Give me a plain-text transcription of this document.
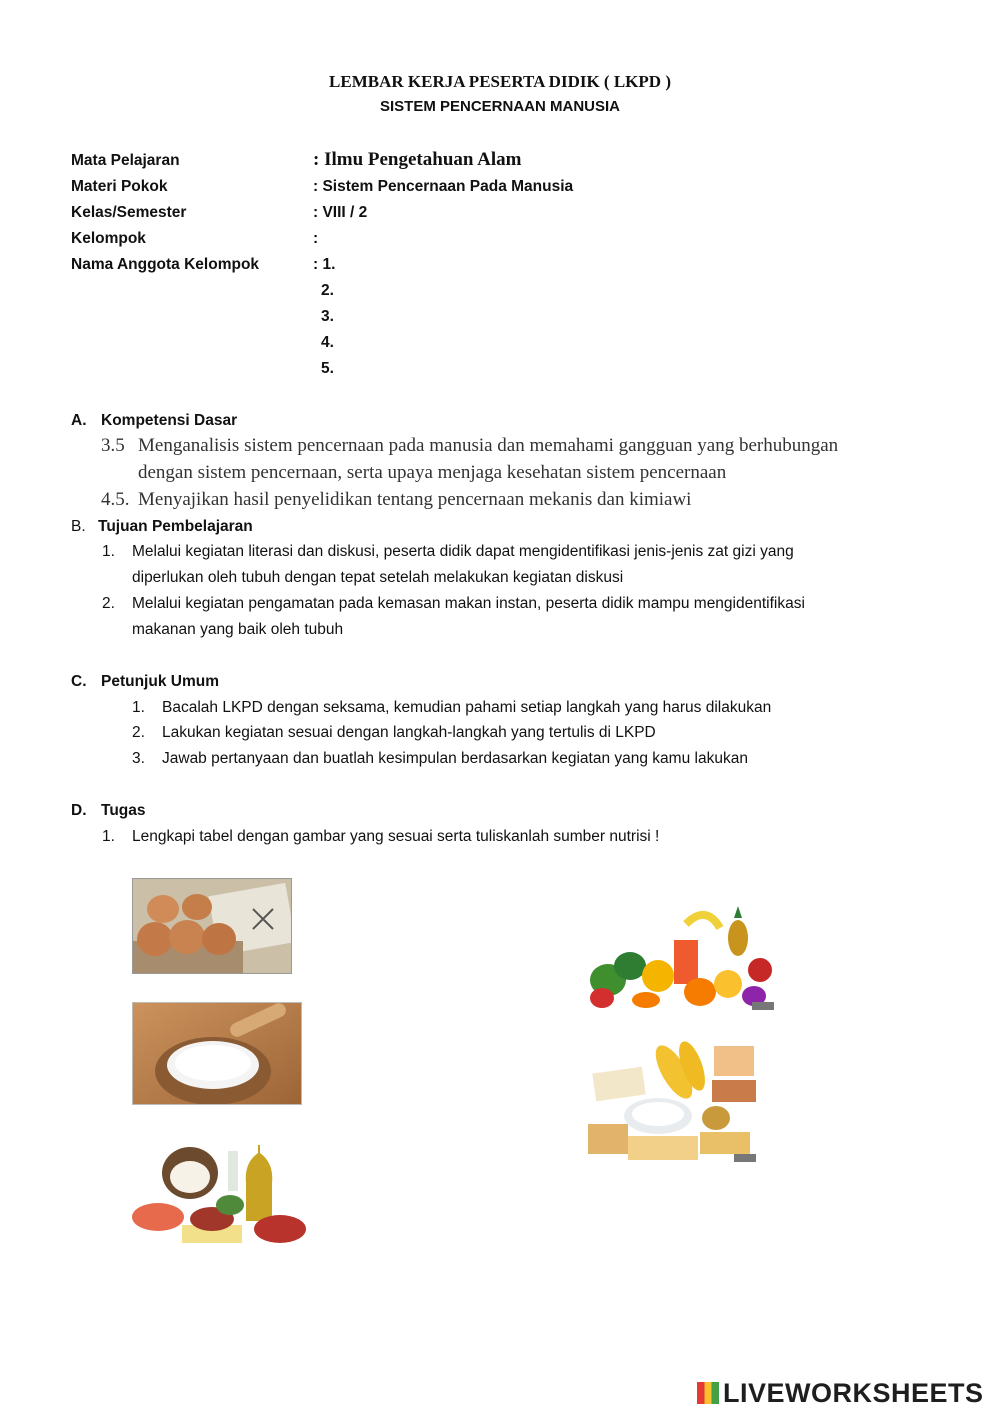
LEMBAR KERJA PESERTA DIDIK ( LKPD )
SISTEM PENCERNAAN MANUSIA
Mata Pelajaran	: Ilmu Pengetahuan Alam
Materi Pokok	: Sistem Pencernaan Pada Manusia
Kelas/Semester	: VIII / 2
Kelompok	:
Nama Anggota Kelompok	: 1.
2.
3.
4.
5.
A. Kompetensi Dasar
3.5 Menganalisis sistem pencernaan pada manusia dan memahami gangguan yang berhubungan
dengan sistem pencernaan, serta upaya menjaga kesehatan sistem pencernaan
4.5. Menyajikan hasil penyelidikan tentang pencernaan mekanis dan kimiawi
B. Tujuan Pembelajaran
1. Melalui kegiatan literasi dan diskusi, peserta didik dapat mengidentifikasi jenis-jenis zat gizi yang
diperlukan oleh tubuh dengan tepat setelah melakukan kegiatan diskusi
2. Melalui kegiatan pengamatan pada kemasan makan instan, peserta didik mampu mengidentifikasi
makanan yang baik oleh tubuh
C. Petunjuk Umum
1. Bacalah LKPD dengan seksama, kemudian pahami setiap langkah yang harus dilakukan
2. Lakukan kegiatan sesuai dengan langkah-langkah yang tertulis di LKPD
3. Jawab pertanyaan dan buatlah kesimpulan berdasarkan kegiatan yang kamu lakukan
D. Tugas
1. Lengkapi tabel dengan gambar yang sesuai serta tuliskanlah sumber nutrisi !
LIVEWORKSHEETS
